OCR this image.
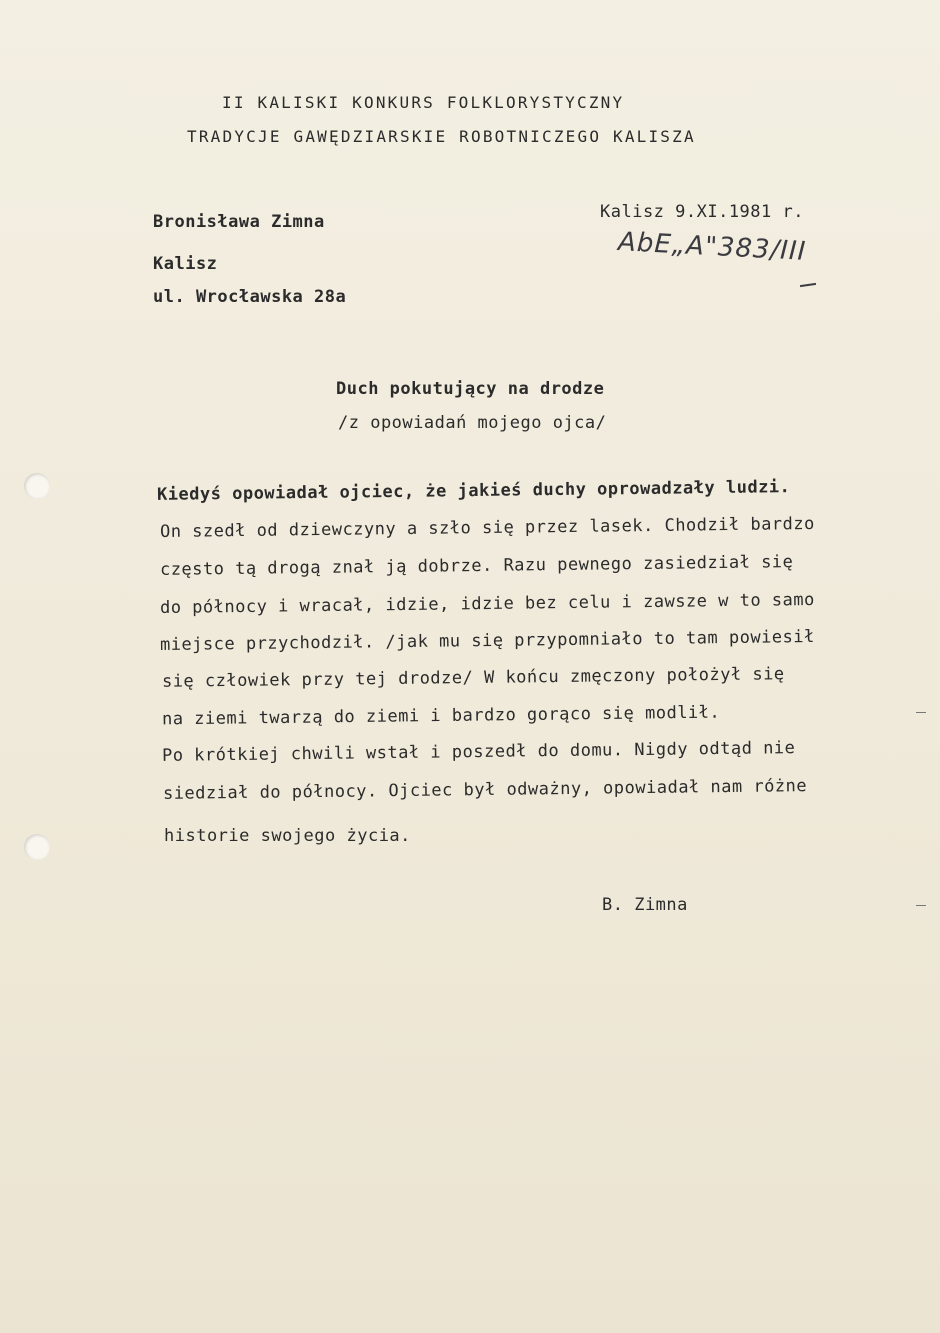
II KALISKI KONKURS FOLKLORYSTYCZNY
TRADYCJE GAWĘDZIARSKIE ROBOTNICZEGO KALISZA
Bronisława Zimna
Kalisz
ul. Wrocławska 28a
Kalisz 9.XI.1981 r.
AbE„A"383/III
Duch pokutujący na drodze
/z opowiadań mojego ojca/
Kiedyś opowiadał ojciec, że jakieś duchy oprowadzały ludzi.
On szedł od dziewczyny a szło się przez lasek. Chodził bardzo
często tą drogą znał ją dobrze. Razu pewnego zasiedział się
do północy i wracał, idzie, idzie bez celu i zawsze w to samo
miejsce przychodził. /jak mu się przypomniało to tam powiesił
się człowiek przy tej drodze/ W końcu zmęczony położył się
na ziemi twarzą do ziemi i bardzo gorąco się modlił.
Po krótkiej chwili wstał i poszedł do domu. Nigdy odtąd nie
siedział do północy. Ojciec był odważny, opowiadał nam różne
historie swojego życia.
B. Zimna
